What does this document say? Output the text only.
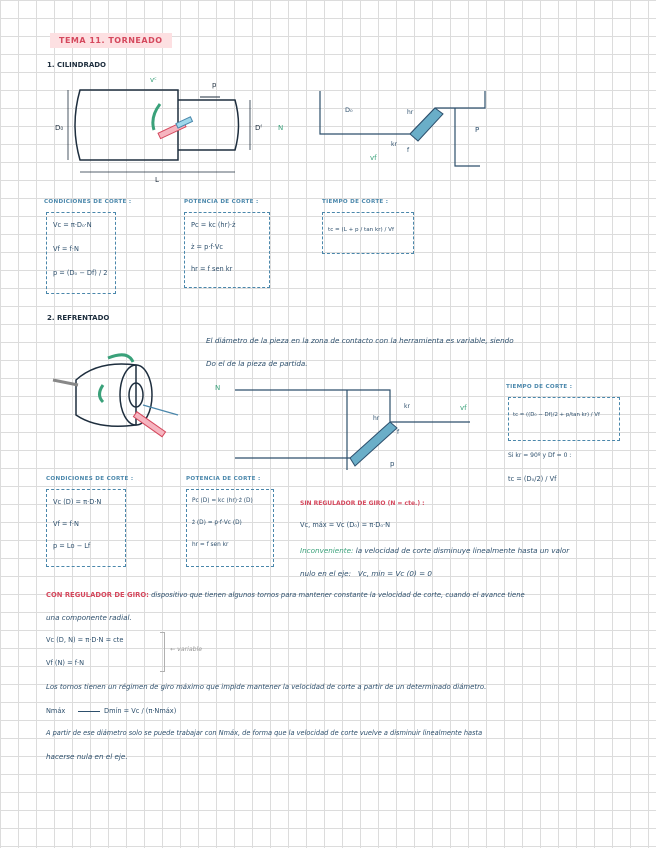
TEMA 11. TORNEADO
1. CILINDRADO
D₀
L
vᶜ
p
Dᶠ N
D₀	hr
kr
vf
P
f
CONDICIONES DE CORTE :
Vc = π·D₀·N
Vf = f·N
p = (D₀ − Df) / 2
POTENCIA DE CORTE :
Pc = kc (hr)·ż
ż = p·f·Vc
hr = f sen kr
TIEMPO DE CORTE :
tc = (L + p / tan kr) / Vf
2. REFRENTADO
El diámetro de la pieza en la zona de contacto con la herramienta es variable, siendo
Do el de la pieza de partida.
N
hr
kr	vf
f
p
TIEMPO DE CORTE :
tc = ((D₀ − Df)/2 + p/tan kr) / Vf
Si kr = 90º y Df = 0 :
tc = (D₀/2) / Vf
CONDICIONES DE CORTE :
Vc (D) = π·D·N
Vf = f·N
p = Lo − Lf
POTENCIA DE CORTE :
Pc (D) = kc (hr)·ż (D)
ż (D) = p·f·Vc (D)
hr = f sen kr
SIN REGULADOR DE GIRO (N = cte.) :
Vc, máx = Vc (D₀) = π·D₀·N
Inconveniente: la velocidad de corte disminuye linealmente hasta un valor
nulo en el eje: Vc, min = Vc (0) = 0
CON REGULADOR DE GIRO: dispositivo que tienen algunos tornos para mantener constante la velocidad de corte, cuando el avance tiene
una componente radial.
Vc (D, N) = π·D·N = cte
Vf (N) = f·N
← variable
Los tornos tienen un régimen de giro máximo que impide mantener la velocidad de corte a partir de un determinado diámetro.
Nmáx	Dmín = Vc / (π·Nmáx)
A partir de ese diámetro solo se puede trabajar con Nmáx, de forma que la velocidad de corte vuelve a disminuir linealmente hasta
hacerse nula en el eje.
